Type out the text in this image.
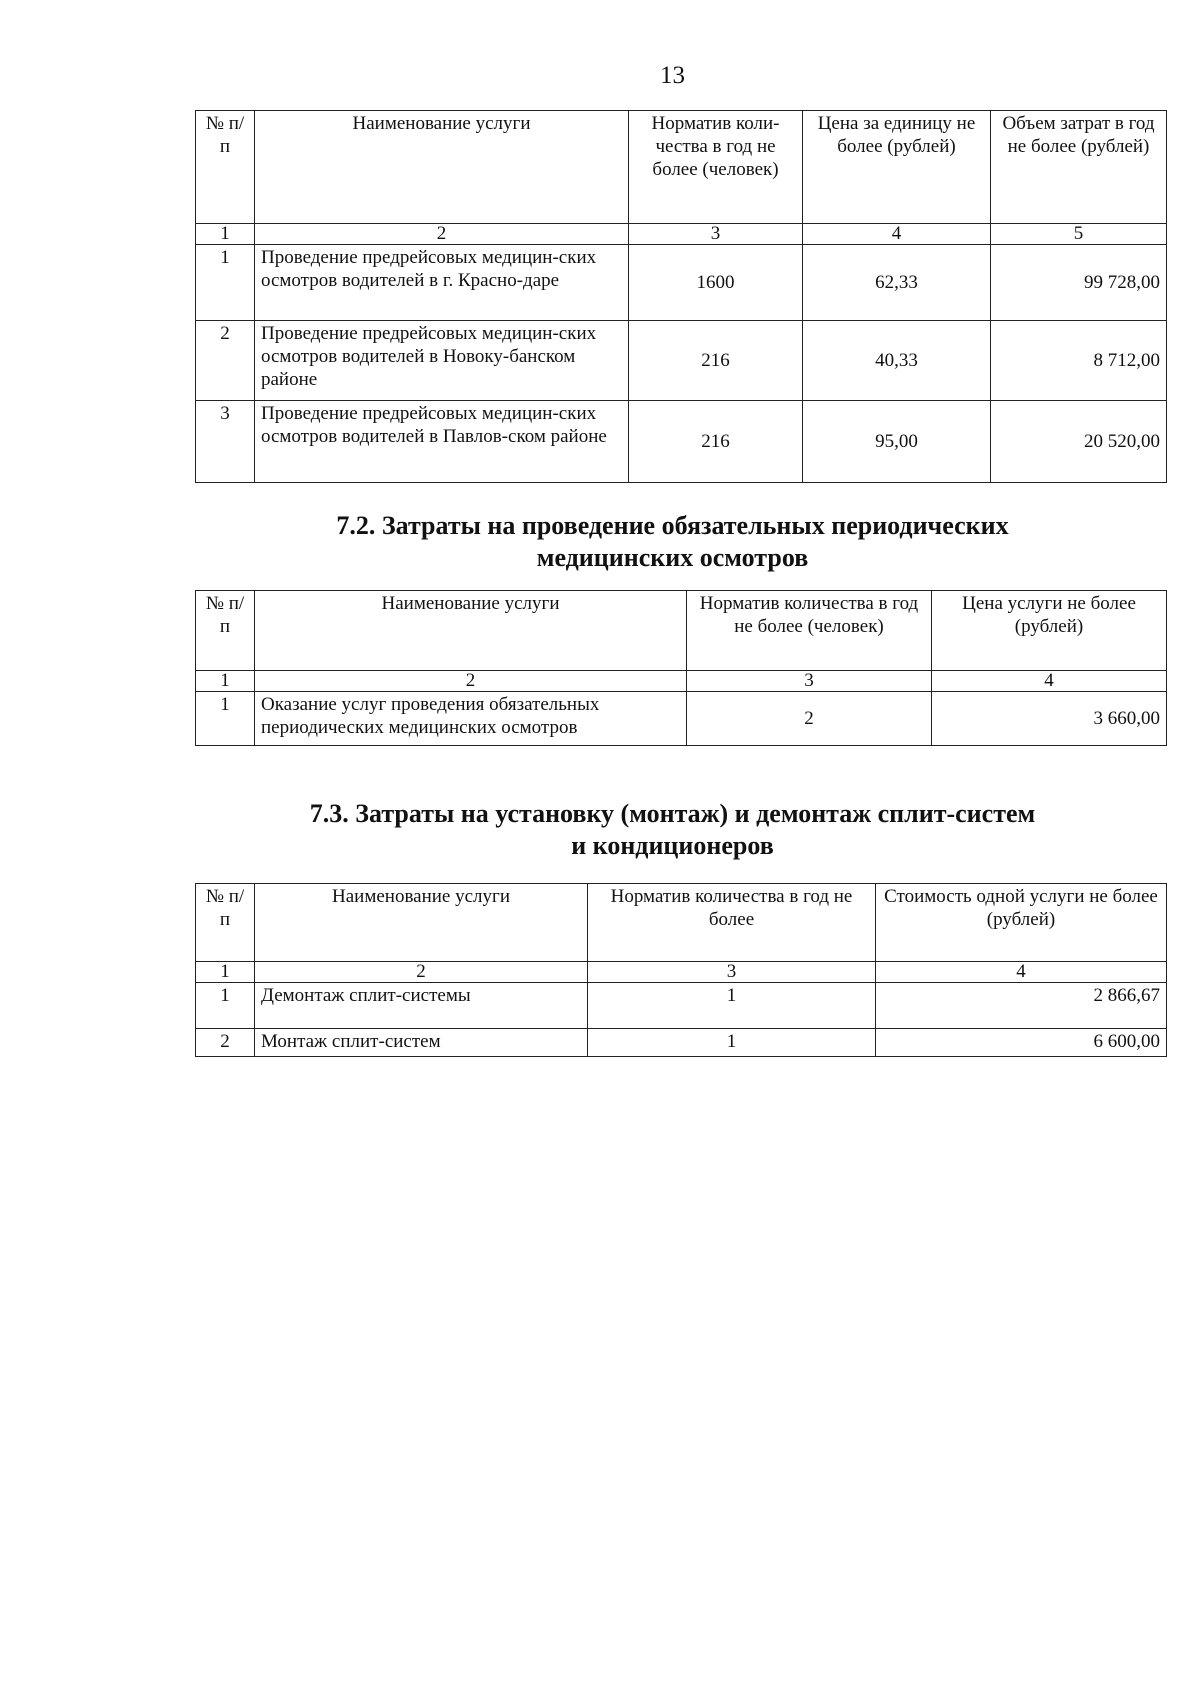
13
№ п/п	Наименование услуги	Норматив коли-чества в год не более (человек)	Цена за единицу не более (рублей)	Объем затрат в год не более (рублей)
1	2	3	4	5
1	Проведение предрейсовых медицин-ских осмотров водителей в г. Красно-даре	1600	62,33	99 728,00
2	Проведение предрейсовых медицин-ских осмотров водителей в Новоку-банском районе	216	40,33	8 712,00
3	Проведение предрейсовых медицин-ских осмотров водителей в Павлов-ском районе	216	95,00	20 520,00
7.2. Затраты на проведение обязательных периодических
медицинских осмотров
№ п/п	Наименование услуги	Норматив количества в год не более (человек)	Цена услуги не более (рублей)
1	2	3	4
1	Оказание услуг проведения обязательных периодических медицинских осмотров	2	3 660,00
7.3. Затраты на установку (монтаж) и демонтаж сплит-систем
и кондиционеров
№ п/п	Наименование услуги	Норматив количества в год не более	Стоимость одной услуги не более (рублей)
1	2	3	4
1	Демонтаж сплит-системы	1	2 866,67
2	Монтаж сплит-систем	1	6 600,00
